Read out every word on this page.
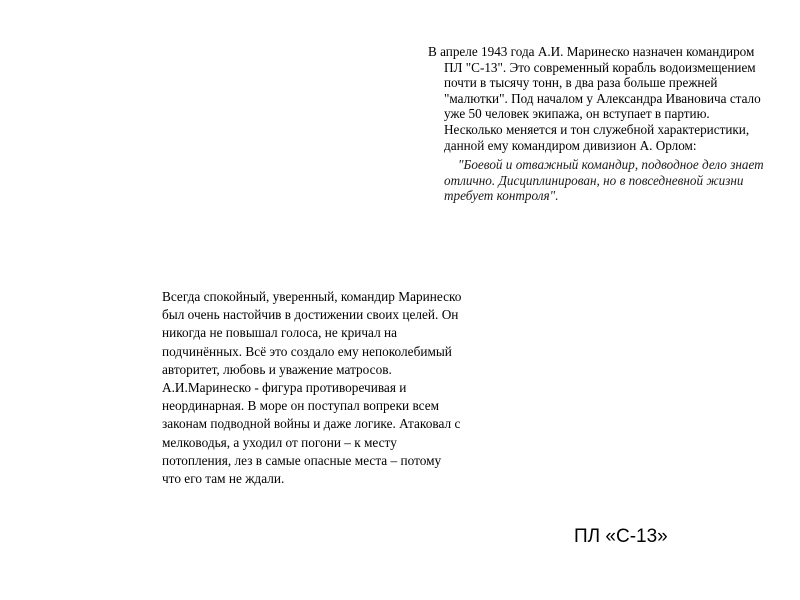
В апреле 1943 года А.И. Маринеско назначен командиром ПЛ "С-13". Это современный корабль водоизмещением почти в тысячу тонн, в два раза больше прежней "малютки". Под началом у Александра Ивановича стало уже 50 человек экипажа, он вступает в партию. Несколько меняется и тон служебной характеристики, данной ему командиром дивизион А. Орлом:

"Боевой и отважный командир, подводное дело знает отлично. Дисциплинирован, но в повседневной жизни требует контроля".

Всегда спокойный, уверенный, командир Маринеско был очень настойчив в достижении своих целей. Он никогда не повышал голоса, не кричал на подчинённых. Всё это создало ему непоколебимый авторитет, любовь и уважение матросов.

А.И.Маринеско - фигура противоречивая и неординарная. В море он поступал вопреки всем законам подводной войны и даже логике. Атаковал с мелководья, а уходил от погони – к месту потопления, лез в самые опасные места – потому что его там не ждали.

ПЛ «С-13»
